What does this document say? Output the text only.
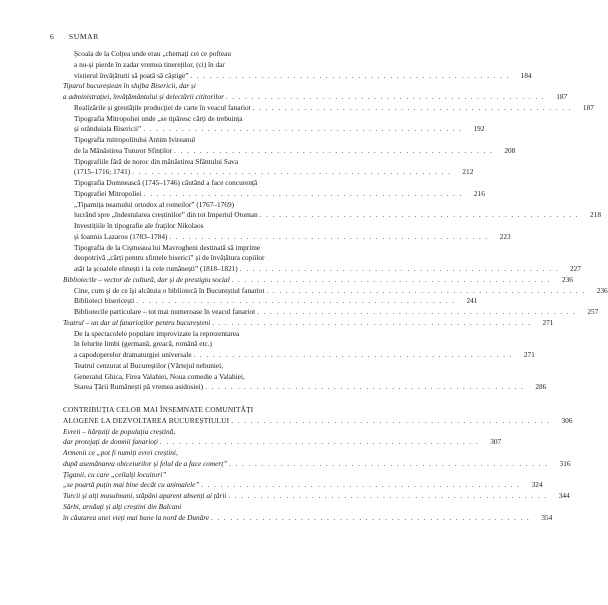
6 SUMAR
Școala de la Colțea unde erau „chemați cei ce pofteau
a nu-și pierde în zadar vremea tinereților, (ci) în dar
vistierul învățăturii să poată să câștige” . . . . . . . . . . . . . . . . . . . . . . . . . . . . . . . . . . . . . . . . . . . . . . . . . .	184
Tiparul bucureștean în slujba Bisericii, dar și
a administrației, învățământului și delectării cititorilor . . . . . . . . . . . . . . . . . . . . . . . . . . . . . . . . . . . . . . . . . . . . . . . . . .	187
Realizările și greutățile producției de carte în veacul fanariot . . . . . . . . . . . . . . . . . . . . . . . . . . . . . . . . . . . . . . . . . . . . . . . . . .	187
Tipografia Mitropoliei unde „se tipăresc cărți de trebuința
și orânduiala Bisericii” . . . . . . . . . . . . . . . . . . . . . . . . . . . . . . . . . . . . . . . . . . . . . . . . . .	192
Tipografia mitropolitului Antim Ivireanul
de la Mănăstirea Tuturor Sfinților . . . . . . . . . . . . . . . . . . . . . . . . . . . . . . . . . . . . . . . . . . . . . . . . . .	208
Tipografiile fără de noroc din mănăstirea Sfântului Sava
(1715–1716; 1741) . . . . . . . . . . . . . . . . . . . . . . . . . . . . . . . . . . . . . . . . . . . . . . . . . .	212
Tipografia Domnească (1745–1746) căutând a face concurență
Tipografiei Mitropoliei . . . . . . . . . . . . . . . . . . . . . . . . . . . . . . . . . . . . . . . . . . . . . . . . . .	216
„Tiparnița neamului ortodox al romeilor” (1767–1769)
lucrând spre „îndestularea creștinilor” din tot Imperiul Otoman . . . . . . . . . . . . . . . . . . . . . . . . . . . . . . . . . . . . . . . . . . . . . . . . . .	218
Investițiile în tipografie ale fraților Nikolaos
și Ioannis Lazarou (1783–1784) . . . . . . . . . . . . . . . . . . . . . . . . . . . . . . . . . . . . . . . . . . . . . . . . . .	223
Tipografia de la Cișmeaua lui Mavrogheni destinată să imprime
deopotrivă „cărți pentru sfintele biserici” și de învățătura copiilor
atât la școalele elinești i la cele rumânești” (1818–1821) . . . . . . . . . . . . . . . . . . . . . . . . . . . . . . . . . . . . . . . . . . . . . . . . . .	227
Bibliotecile – vector de cultură, dar și de prestigiu social . . . . . . . . . . . . . . . . . . . . . . . . . . . . . . . . . . . . . . . . . . . . . . . . . .	236
Cine, cum și de ce își alcătuia o bibliotecă în Bucureștiul fanariot . . . . . . . . . . . . . . . . . . . . . . . . . . . . . . . . . . . . . . . . . . . . . . . . . .	236
Biblioteci bisericești . . . . . . . . . . . . . . . . . . . . . . . . . . . . . . . . . . . . . . . . . . . . . . . . . .	241
Bibliotecile particulare – tot mai numeroase în veacul fanariot . . . . . . . . . . . . . . . . . . . . . . . . . . . . . . . . . . . . . . . . . . . . . . . . . .	257
Teatrul – un dar al fanarioților pentru bucureșteni . . . . . . . . . . . . . . . . . . . . . . . . . . . . . . . . . . . . . . . . . . . . . . . . . .	271
De la spectacolele populare improvizate la reprezentarea
în felurite limbi (germană, greacă, română etc.)
a capodoperelor dramaturgiei universale . . . . . . . . . . . . . . . . . . . . . . . . . . . . . . . . . . . . . . . . . . . . . . . . . .	271
Teatrul cenzurat al Bucureștilor (Vârtejul nebuniei,
Generalul Ghica, Firea Valahiei, Noua comedie a Valahiei,
Starea Țării Rumânești pă vremea asidosiei) . . . . . . . . . . . . . . . . . . . . . . . . . . . . . . . . . . . . . . . . . . . . . . . . . .	286
CONTRIBUȚIA CELOR MAI ÎNSEMNATE COMUNITĂȚI
ALOGENE LA DEZVOLTAREA BUCUREȘTIULUI . . . . . . . . . . . . . . . . . . . . . . . . . . . . . . . . . . . . . . . . . . . . . . . . . .	306
Evreii – hărțuiți de populația creștină,
dar protejați de domnii fanarioți . . . . . . . . . . . . . . . . . . . . . . . . . . . . . . . . . . . . . . . . . . . . . . . . . .	307
Armenii ce „pot fi numiți evrei creștini,
după asemănarea obiceiurilor și felul de a face comerț” . . . . . . . . . . . . . . . . . . . . . . . . . . . . . . . . . . . . . . . . . . . . . . . . . .	316
Țiganii, cu care „ceilalți locuitori”
„se poartă puțin mai bine decât cu animalele” . . . . . . . . . . . . . . . . . . . . . . . . . . . . . . . . . . . . . . . . . . . . . . . . . .	324
Turcii și alți musulmani, stăpâni aparent absenți ai țării . . . . . . . . . . . . . . . . . . . . . . . . . . . . . . . . . . . . . . . . . . . . . . . . . .	344
Sârbi, arnăuți și alți creștini din Balcani
în căutarea unei vieți mai bune la nord de Dunăre . . . . . . . . . . . . . . . . . . . . . . . . . . . . . . . . . . . . . . . . . . . . . . . . . .	354
